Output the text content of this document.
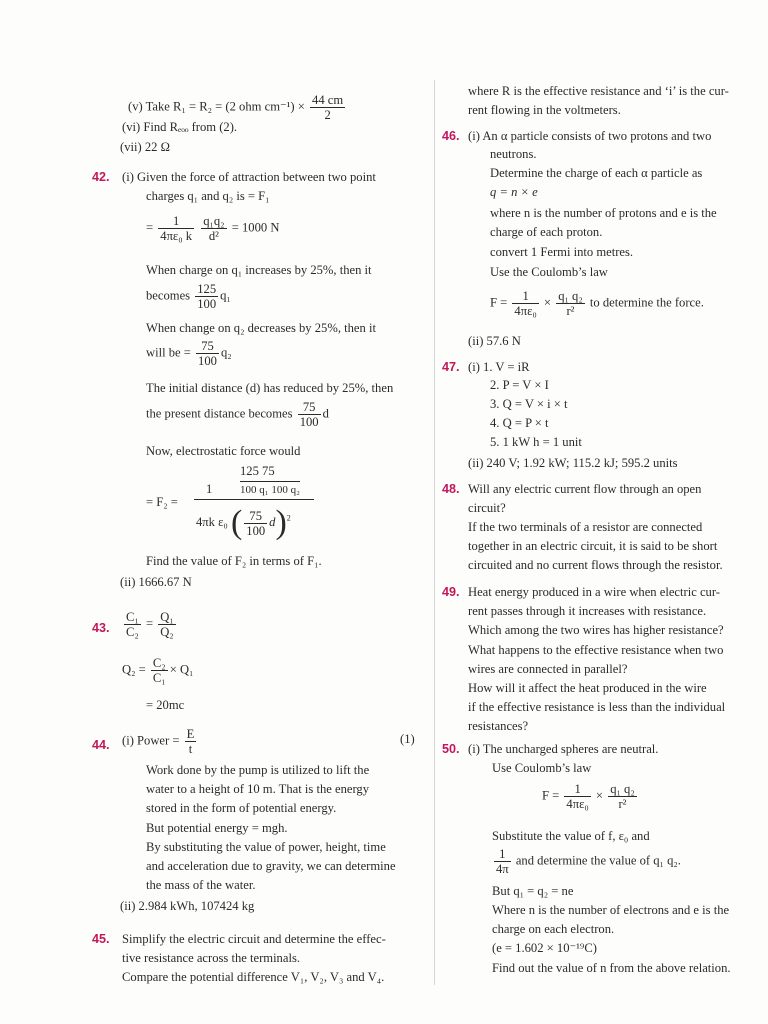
(v) Take R₁ = R₂ = (2 ohm $cm^{-1}) \times \frac{44 cm}{2}$
(vi) Find Rₑₒₒ from (2).
(vii) 22 Ω
42. (i) Given the force of attraction between two point
charges q₁ and q₂ is = F₁
= $\frac{1}{\text{4πε₀ k}}$
$\frac{\text{q₁q₂}}{\text{d²}} = 1000$ N
When charge on q₁ increases by 25%, then it
becomes $\frac{125}{100} q_1$
When change on q₂ decreases by 25%, then it
will be = $\frac{75}{100} q_2$
The initial distance (d) has reduced by 25%, then
the present distance becomes $\frac{75}{100}$ d
Now, electrostatic force would
125 75
100 q₁ 100 q₂
= F₂ =
1
4πk ε₀ ( $\frac{75}{100} d)^2$
Find the value of F₂ in terms of F₁.
(ii) 1666.67 N
43. $\frac{\text{C₁}}{\text{C₂}} = \frac{\text{Q₁}}{\text{Q₂}}$
$Q_2 = \frac{\text{C₂}}{\text{C₁}} \times Q_1$
= 20mc
44. (i) Power = $\frac{E}{t}$	(1)
Work done by the pump is utilized to lift the
water to a height of 10 m. That is the energy
stored in the form of potential energy.
But potential energy = mgh.
By substituting the value of power, height, time
and acceleration due to gravity, we can determine
the mass of the water.
(ii) 2.984 kWh, 107424 kg
45. Simplify the electric circuit and determine the effec-
tive resistance across the terminals.
Compare the potential difference V₁, V₂, V₃ and V₄.
where R is the effective resistance and ‘i’ is the cur-
rent flowing in the voltmeters.
46. (i) An α particle consists of two protons and two
neutrons.
Determine the charge of each α particle as
q = n × e
where n is the number of protons and e is the
charge of each proton.
convert 1 Fermi into metres.
Use the Coulomb’s law
$F = \frac{1}{\text{4πε₀}} \times \frac{\text{q₁ q₂}}{\text{r²}}$ to determine the force.
(ii) 57.6 N
47. (i) 1. V = iR
2. P = V × I
3. Q = V × i × t
4. Q = P × t
5. 1 kW h = 1 unit
(ii) 240 V; 1.92 kW; 115.2 kJ; 595.2 units
48. Will any electric current flow through an open
circuit?
If the two terminals of a resistor are connected
together in an electric circuit, it is said to be short
circuited and no current flows through the resistor.
49. Heat energy produced in a wire when electric cur-
rent passes through it increases with resistance.
Which among the two wires has higher resistance?
What happens to the effective resistance when two
wires are connected in parallel?
How will it affect the heat produced in the wire
if the effective resistance is less than the individual
resistances?
50. (i) The uncharged spheres are neutral.
Use Coulomb’s law
$F = \frac{1}{\text{4πε₀}} \times \frac{\text{q₁ q₂}}{\text{r²}}$
Substitute the value of f, ε₀ and
$\frac{1}{4\pi}$ and determine the value of q₁ q₂.
But q₁ = q₂ = ne
Where n is the number of electrons and e is the
charge on each electron.
(e = 1.602 × 10⁻¹⁹C)
Find out the value of n from the above relation.
